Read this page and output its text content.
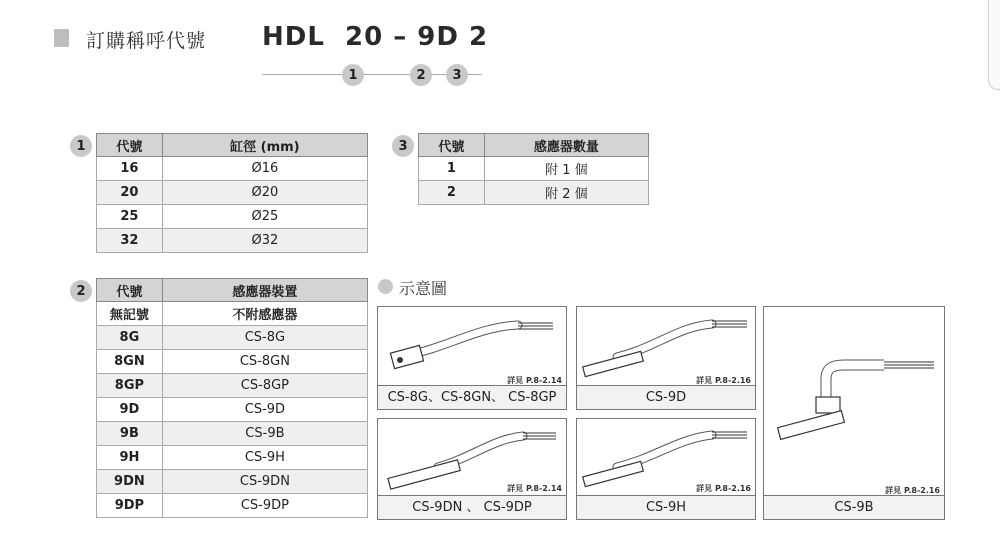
訂購稱呼代號 HDL  20 – 9D 2
1	2	3
1	代號	缸徑 (mm)
16	Ø16
20	Ø20
25	Ø25
32	Ø32
3	代號	感應器數量
1	附 1 個
2	附 2 個
2	代號	感應器裝置
無記號	不附感應器
8G	CS-8G
8GN	CS-8GN
8GP	CS-8GP
9D	CS-9D
9B	CS-9B
9H	CS-9H
9DN	CS-9DN
9DP	CS-9DP
示意圖
詳見 P.8-2.14
CS-8G、CS-8GN、 CS-8GP
詳見 P.8-2.16
CS-9D
詳見 P.8-2.16
CS-9B
詳見 P.8-2.14
CS-9DN 、 CS-9DP
詳見 P.8-2.16
CS-9H
